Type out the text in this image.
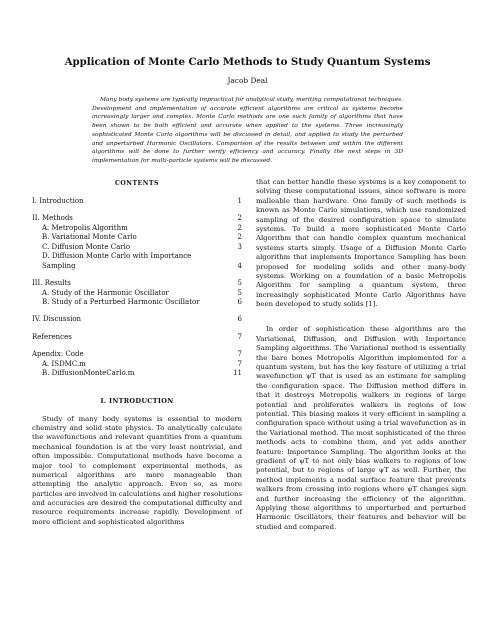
Application of Monte Carlo Methods to Study Quantum Systems
Jacob Deal

Many body systems are typically impractical for analytical study, meriting computational techniques. Development and implementation of accurate efficient algorithms are critical as systems become increasingly larger and complex. Monte Carlo methods are one such family of algorithms that have been shown to be both efficient and accurate when applied to the systems. Three increasingly sophisticated Monte Carlo algorithms will be discussed in detail, and applied to study the perturbed and unperturbed Harmonic Oscillators. Comparison of the results between and within the different algorithms will be done to further verify efficiency and accuracy. Finally the next steps in 3D implementation for multi-particle systems will be discussed.

CONTENTS
I. Introduction	1
II. Methods	2
A. Metropolis Algorithm	2
B. Variational Monte Carlo	2
C. Diffusion Monte Carlo	3
D. Diffusion Monte Carlo with Importance Sampling	4
III. Results	5
A. Study of the Harmonic Oscillator	5
B. Study of a Perturbed Harmonic Oscillator	6
IV. Discussion	6
References	7
Apendix: Code	7
A. ISDMC.m	7
B. DiffusionMonteCarlo.m	11
I. INTRODUCTION

Study of many body systems is essential to modern chemistry and solid state physics. To analytically calculate the wavefunctions and relevant quantities from a quantum mechanical foundation is at the very least nontrivial, and often impossible. Computational methods have become a major tool to complement experimental methods, as numerical algorithms are more manageable than attempting the analytic approach. Even so, as more particles are involved in calculations and higher resolutions and accuracies are desired the computational difficulty and resource requirements increase rapidly. Development of more efficient and sophisticated algorithms

that can better handle these systems is a key component to solving these computational issues, since software is more malleable than hardware. One family of such methods is known as Monte Carlo simulations, which use randomized sampling of the desired configuration space to simulate systems. To build a more sophisticated Monte Carlo Algorithm that can handle complex quantum mechanical systems starts simply. Usage of a Diffusion Monte Carlo algorithm that implements Importance Sampling has been proposed for modeling solids and other many-body systems. Working on a foundation of a basic Metropolis Algorithm for sampling a quantum system, three increasingly sophisticated Monte Carlo Algorithms have been developed to study solids [1].

In order of sophistication these algorithms are the Variational, Diffusion, and Diffusion with Importance Sampling algorithms. The Variational method is essentially the bare bones Metropolis Algorithm implemented for a quantum system, but has the key feature of utilizing a trial wavefunction ψT that is used as an estimate for sampling the configuration space. The Diffusion method differs in that it destroys Metropolis walkers in regions of large potential and proliferates walkers in regions of low potential. This biasing makes it very efficient in sampling a configuration space without using a trial wavefunction as in the Variational method. The most sophisticated of the three methods acts to combine them, and yet adds another feature: Importance Sampling. The algorithm looks at the gradient of ψT to not only bias walkers to regions of low potential, but to regions of large ψT as well. Further, the method implements a nodal surface feature that prevents walkers from crossing into regions where ψT changes sign and further increasing the efficiency of the algorithm. Applying these algorithms to unperturbed and perturbed Harmonic Oscillators, their features and behavior will be studied and compared.
